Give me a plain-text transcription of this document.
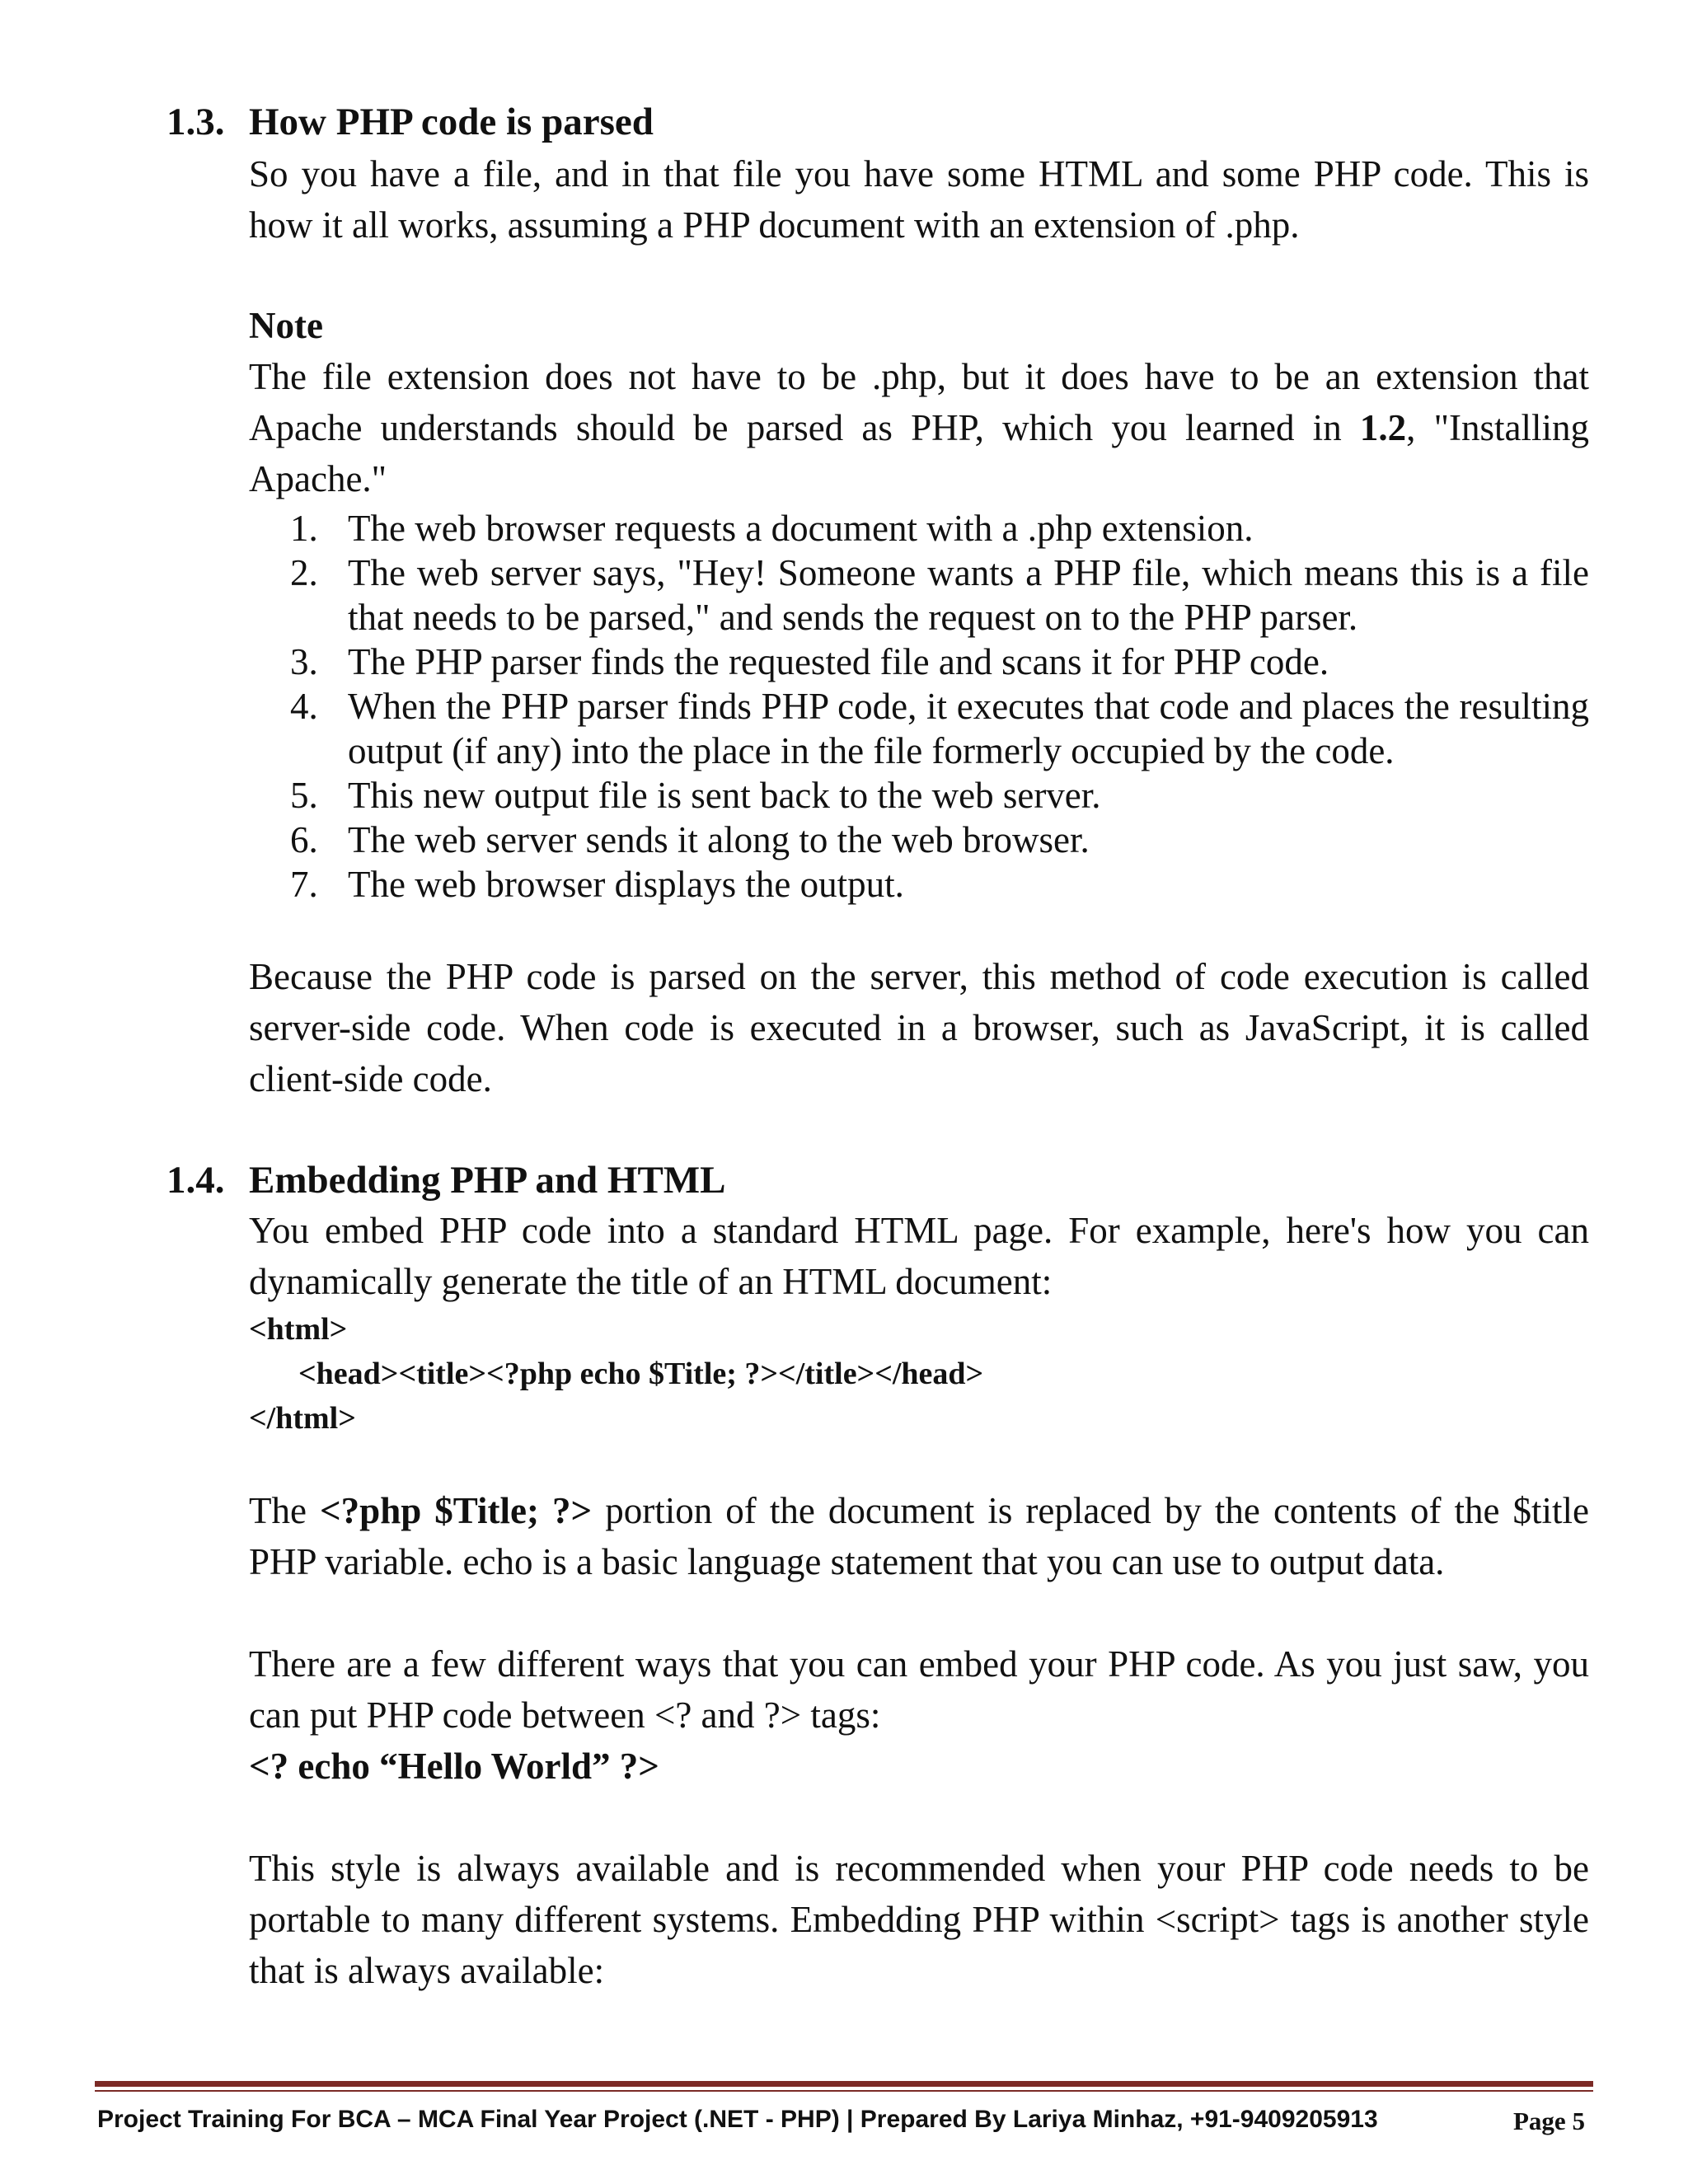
1.3. How PHP code is parsed
So you have a file, and in that file you have some HTML and some PHP code. This is how it all works, assuming a PHP document with an extension of .php.
Note
The file extension does not have to be .php, but it does have to be an extension that Apache understands should be parsed as PHP, which you learned in 1.2, "Installing Apache."
1. The web browser requests a document with a .php extension.
2. The web server says, "Hey! Someone wants a PHP file, which means this is a file that needs to be parsed," and sends the request on to the PHP parser.
3. The PHP parser finds the requested file and scans it for PHP code.
4. When the PHP parser finds PHP code, it executes that code and places the resulting output (if any) into the place in the file formerly occupied by the code.
5. This new output file is sent back to the web server.
6. The web server sends it along to the web browser.
7. The web browser displays the output.
Because the PHP code is parsed on the server, this method of code execution is called server-side code. When code is executed in a browser, such as JavaScript, it is called client-side code.
1.4. Embedding PHP and HTML
You embed PHP code into a standard HTML page. For example, here's how you can dynamically generate the title of an HTML document:
<html>
<head><title><?php echo $Title; ?></title></head>
</html>
The <?php $Title; ?> portion of the document is replaced by the contents of the $title PHP variable. echo is a basic language statement that you can use to output data.
There are a few different ways that you can embed your PHP code. As you just saw, you can put PHP code between <? and ?> tags:
<? echo “Hello World” ?>
This style is always available and is recommended when your PHP code needs to be portable to many different systems. Embedding PHP within <script> tags is another style that is always available:
Project Training For BCA – MCA Final Year Project (.NET - PHP) | Prepared By Lariya Minhaz, +91-9409205913	Page 5
